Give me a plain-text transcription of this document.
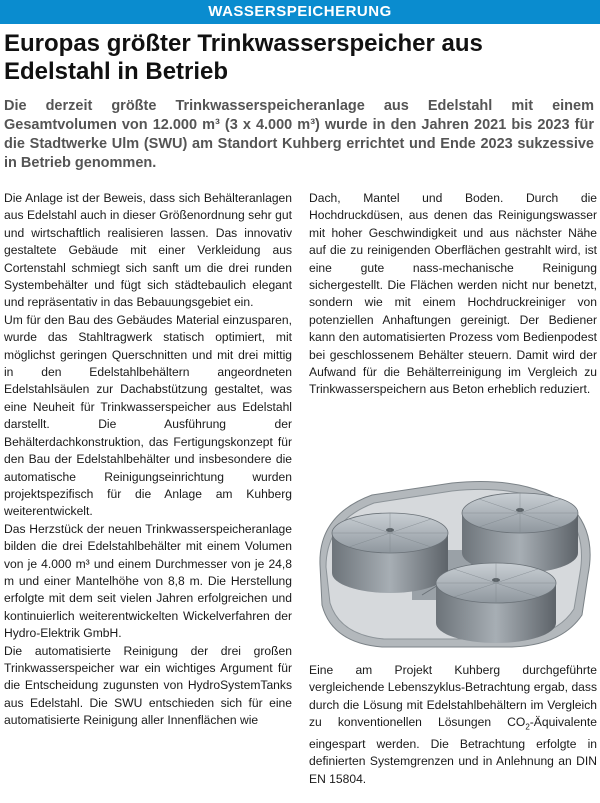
WASSERSPEICHERUNG
Europas größter Trinkwasserspeicher aus Edelstahl in Betrieb
Die derzeit größte Trinkwasserspeicheranlage aus Edelstahl mit einem Gesamtvolumen von 12.000 m³ (3 x 4.000 m³) wurde in den Jahren 2021 bis 2023 für die Stadtwerke Ulm (SWU) am Standort Kuhberg errichtet und Ende 2023 sukzessive in Betrieb genommen.

Die Anlage ist der Beweis, dass sich Behälteranlagen aus Edelstahl auch in dieser Größenordnung sehr gut und wirtschaftlich realisieren lassen. Das innovativ gestaltete Gebäude mit einer Verkleidung aus Cortenstahl schmiegt sich sanft um die drei runden Systembehälter und fügt sich städtebaulich elegant und repräsentativ in das Bebauungsgebiet ein.

Um für den Bau des Gebäudes Material einzusparen, wurde das Stahltragwerk statisch optimiert, mit möglichst geringen Querschnitten und mit drei mittig in den Edelstahlbehältern angeordneten Edelstahlsäulen zur Dachabstützung gestaltet, was eine Neuheit für Trinkwasserspeicher aus Edelstahl darstellt. Die Ausführung der Behälterdachkonstruktion, das Fertigungskonzept für den Bau der Edelstahlbehälter und insbesondere die automatische Reinigungseinrichtung wurden projektspezifisch für die Anlage am Kuhberg weiterentwickelt.

Das Herzstück der neuen Trinkwasserspeicheranlage bilden die drei Edelstahlbehälter mit einem Volumen von je 4.000 m³ und einem Durchmesser von je 24,8 m und einer Mantelhöhe von 8,8 m. Die Herstellung erfolgte mit dem seit vielen Jahren erfolgreichen und kontinuierlich weiterentwickelten Wickelverfahren der Hydro-Elektrik GmbH.

Die automatisierte Reinigung der drei großen Trinkwasserspeicher war ein wichtiges Argument für die Entscheidung zugunsten von HydroSystemTanks aus Edelstahl. Die SWU entschieden sich für eine automatisierte Reinigung aller Innenflächen wie

Dach, Mantel und Boden. Durch die Hochdruckdüsen, aus denen das Reinigungswasser mit hoher Geschwindigkeit und aus nächster Nähe auf die zu reinigenden Oberflächen gestrahlt wird, ist eine gute nass-mechanische Reinigung sichergestellt. Die Flächen werden nicht nur benetzt, sondern wie mit einem Hochdruckreiniger von potenziellen Anhaftungen gereinigt. Der Bediener kann den automatisierten Prozess vom Bedienpodest bei geschlossenem Behälter steuern. Damit wird der Aufwand für die Behälterreinigung im Vergleich zu Trinkwasserspeichern aus Beton erheblich reduziert.

Eine am Projekt Kuhberg durchgeführte vergleichende Lebenszyklus-Betrachtung ergab, dass durch die Lösung mit Edelstahlbehältern im Vergleich zu konventionellen Lösungen $CO_2$-Äquivalente eingespart werden. Die Betrachtung erfolgte in definierten Systemgrenzen und in Anlehnung an DIN EN 15804.
